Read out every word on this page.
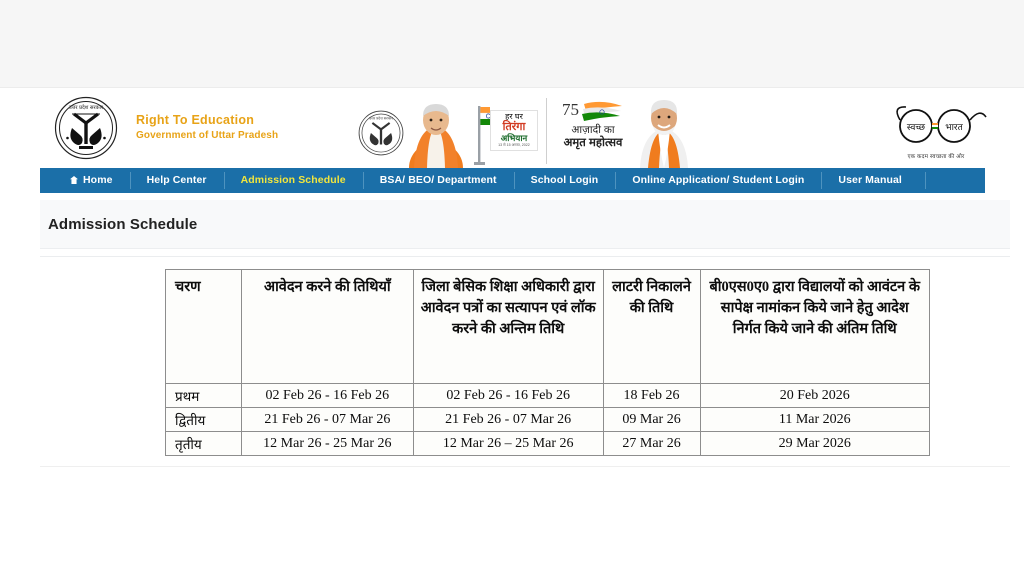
उत्तर प्रदेश सरकार
Right To Education
Government of Uttar Pradesh
उत्तर प्रदेश सरकार	हर घर
तिरंगा
अभियान
13 से 15 अगस्त, 2022
75
आज़ादी का
अमृत महोत्सव
स्वच्छ भारत
एक कदम स्वच्छता की ओर
Home	Help Center	Admission Schedule	BSA/ BEO/ Department	School Login	Online Application/ Student Login	User Manual
Admission Schedule
चरण	आवेदन करने की तिथियाँ	जिला बेसिक शिक्षा अधिकारी द्वारा आवेदन पत्रों का सत्यापन एवं लॉक करने की अन्तिम तिथि	लाटरी निकालने की तिथि	बी0एस0ए0 द्वारा विद्यालयों को आवंटन के सापेक्ष नामांकन किये जाने हेतु आदेश निर्गत किये जाने की अंतिम तिथि
प्रथम	02 Feb 26 - 16 Feb 26	02 Feb 26 - 16 Feb 26	18 Feb 26	20 Feb 2026
द्वितीय	21 Feb 26 - 07 Mar 26	21 Feb 26 - 07 Mar 26	09 Mar 26	11 Mar 2026
तृतीय	12 Mar 26 - 25 Mar 26	12 Mar 26 – 25 Mar 26	27 Mar 26	29 Mar 2026
